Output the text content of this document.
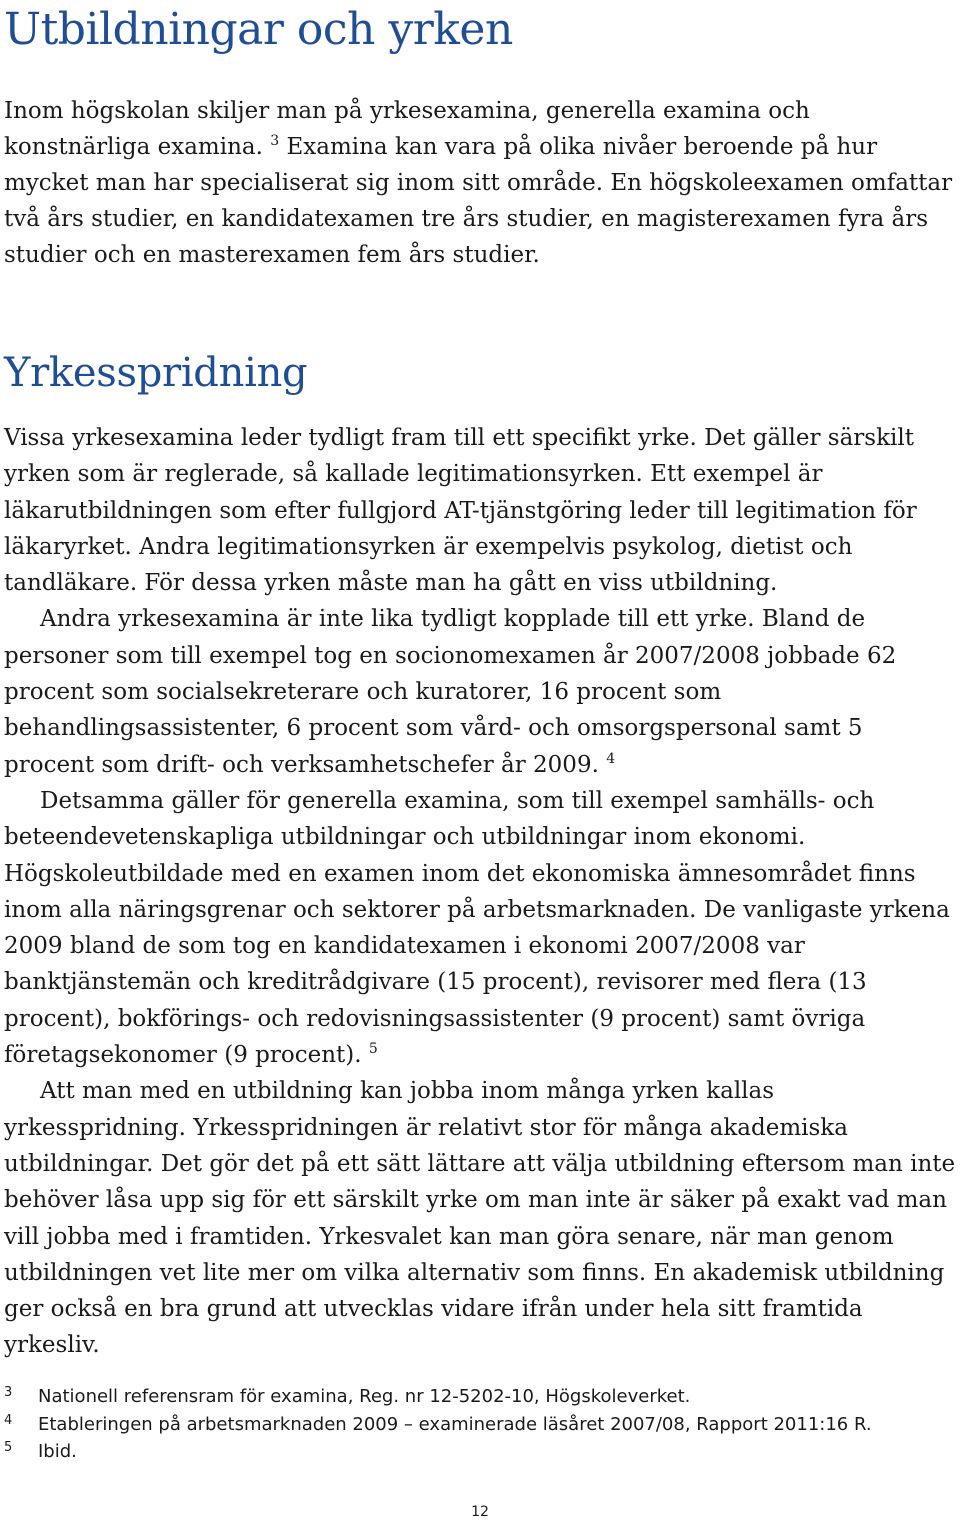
Utbildningar och yrken

Inom högskolan skiljer man på yrkesexamina, generella examina och konstnärliga examina. $^3$ Examina kan vara på olika nivåer beroende på hur mycket man har specialiserat sig inom sitt område. En högskoleexamen omfattar två års studier, en kandidatexamen tre års studier, en magisterexamen fyra års studier och en masterexamen fem års studier.

Yrkesspridning

Vissa yrkesexamina leder tydligt fram till ett specifikt yrke. Det gäller särskilt yrken som är reglerade, så kallade legitimationsyrken. Ett exempel är läkarutbildningen som efter fullgjord AT-tjänstgöring leder till legitimation för läkaryrket. Andra legitimationsyrken är exempelvis psykolog, dietist och tandläkare. För dessa yrken måste man ha gått en viss utbildning.

Andra yrkesexamina är inte lika tydligt kopplade till ett yrke. Bland de personer som till exempel tog en socionomexamen år 2007/2008 jobbade 62 procent som socialsekreterare och kuratorer, 16 procent som behandlingsassistenter, 6 procent som vård- och omsorgspersonal samt 5 procent som drift- och verksamhetschefer år 2009. $^4$

Detsamma gäller för generella examina, som till exempel samhälls- och beteendevetenskapliga utbildningar och utbildningar inom ekonomi. Högskoleutbildade med en examen inom det ekonomiska ämnesområdet finns inom alla näringsgrenar och sektorer på arbetsmarknaden. De vanligaste yrkena 2009 bland de som tog en kandidatexamen i ekonomi 2007/2008 var banktjänstemän och kreditrådgivare (15 procent), revisorer med flera (13 procent), bokförings- och redovisningsassistenter (9 procent) samt övriga företagsekonomer (9 procent). $^5$

Att man med en utbildning kan jobba inom många yrken kallas yrkesspridning. Yrkesspridningen är relativt stor för många akademiska utbildningar. Det gör det på ett sätt lättare att välja utbildning eftersom man inte behöver låsa upp sig för ett särskilt yrke om man inte är säker på exakt vad man vill jobba med i framtiden. Yrkesvalet kan man göra senare, när man genom utbildningen vet lite mer om vilka alternativ som finns. En akademisk utbildning ger också en bra grund att utvecklas vidare ifrån under hela sitt framtida yrkesliv.

3	Nationell referensram för examina, Reg. nr 12-5202-10, Högskoleverket.
4	Etableringen på arbetsmarknaden 2009 – examinerade läsåret 2007/08, Rapport 2011:16 R.
5	Ibid.
12
